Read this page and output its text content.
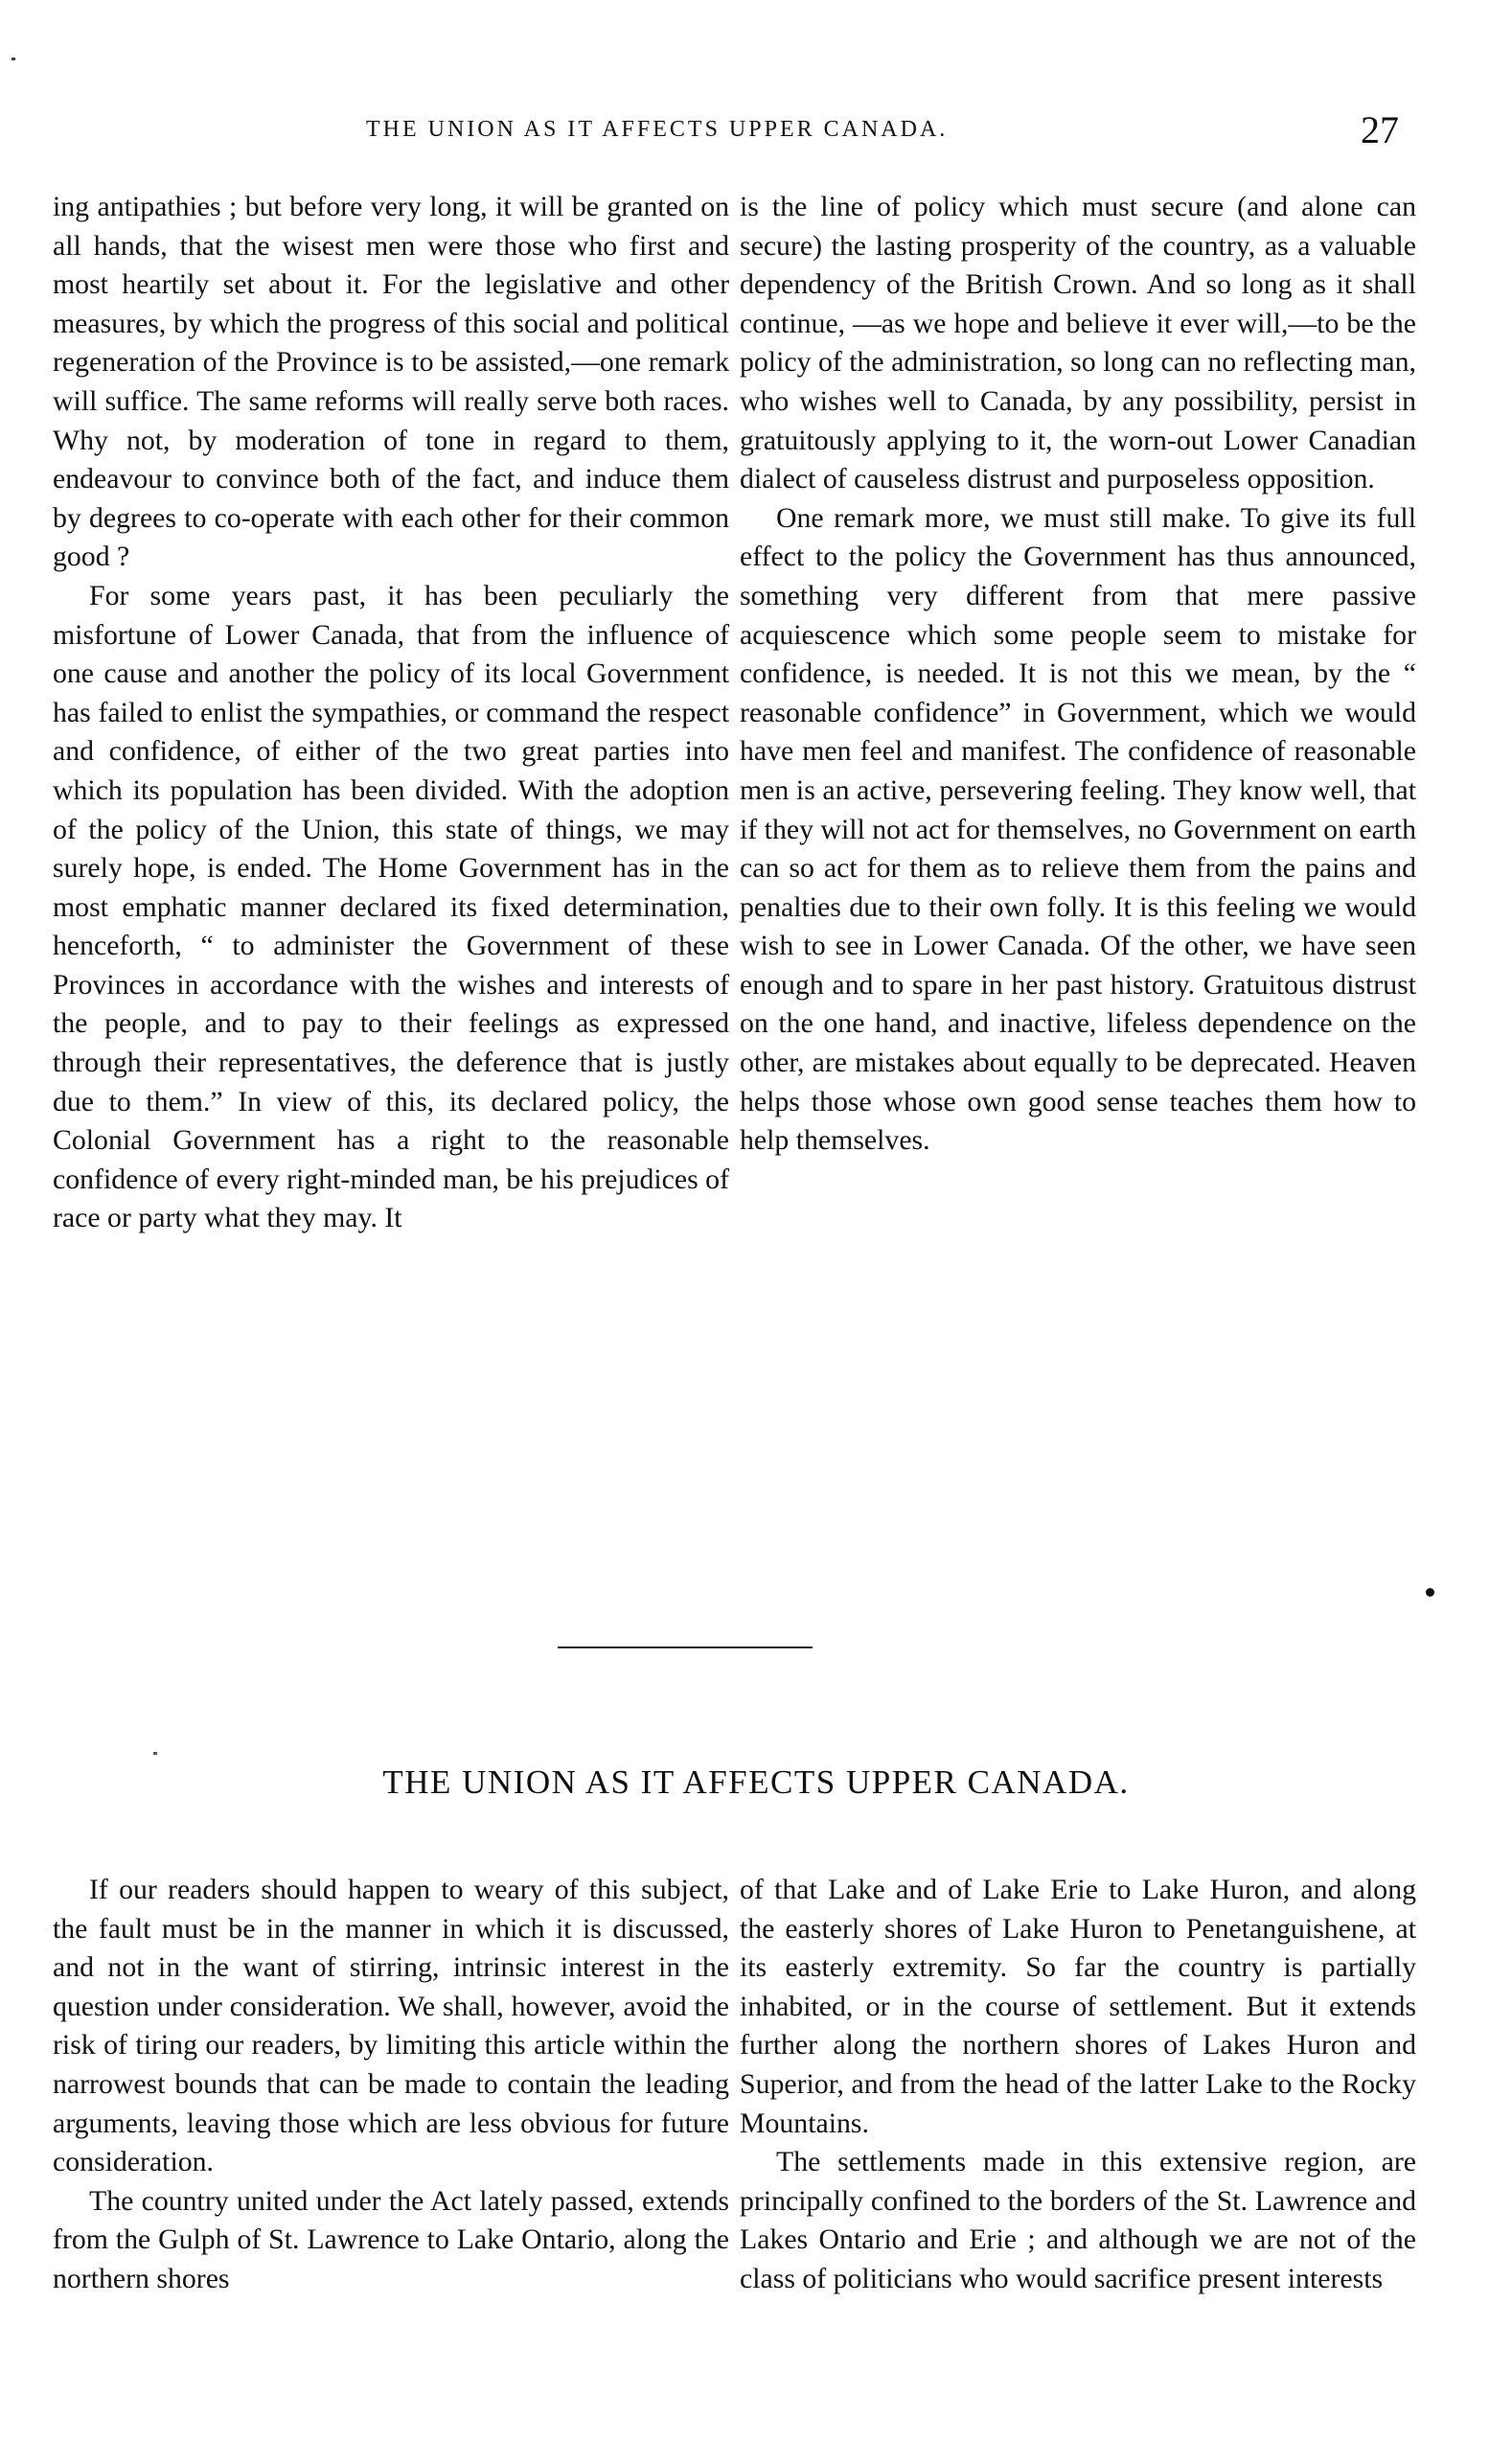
THE UNION AS IT AFFECTS UPPER CANADA.	27

ing antipathies ; but before very long, it will be granted on all hands, that the wisest men were those who first and most heartily set about it. For the legislative and other measures, by which the progress of this social and political regeneration of the Province is to be assisted,—one remark will suffice. The same reforms will really serve both races. Why not, by moderation of tone in regard to them, endeavour to convince both of the fact, and induce them by degrees to co-operate with each other for their common good ?

For some years past, it has been peculiarly the misfortune of Lower Canada, that from the influence of one cause and another the policy of its local Government has failed to enlist the sympathies, or command the respect and confidence, of either of the two great parties into which its population has been divided. With the adoption of the policy of the Union, this state of things, we may surely hope, is ended. The Home Government has in the most emphatic manner declared its fixed determination, henceforth, “ to administer the Government of these Provinces in accordance with the wishes and interests of the people, and to pay to their feelings as expressed through their representatives, the deference that is justly due to them.” In view of this, its declared policy, the Colonial Government has a right to the reasonable confidence of every right-minded man, be his prejudices of race or party what they may. It

is the line of policy which must secure (and alone can secure) the lasting prosperity of the country, as a valuable dependency of the British Crown. And so long as it shall continue, —as we hope and believe it ever will,—to be the policy of the administration, so long can no reflecting man, who wishes well to Canada, by any possibility, persist in gratuitously applying to it, the worn-out Lower Canadian dialect of causeless distrust and purposeless opposition.

One remark more, we must still make. To give its full effect to the policy the Government has thus announced, something very different from that mere passive acquiescence which some people seem to mistake for confidence, is needed. It is not this we mean, by the “ reasonable confidence” in Government, which we would have men feel and manifest. The confidence of reasonable men is an active, persevering feeling. They know well, that if they will not act for themselves, no Government on earth can so act for them as to relieve them from the pains and penalties due to their own folly. It is this feeling we would wish to see in Lower Canada. Of the other, we have seen enough and to spare in her past history. Gratuitous distrust on the one hand, and inactive, lifeless dependence on the other, are mistakes about equally to be deprecated. Heaven helps those whose own good sense teaches them how to help themselves.

THE UNION AS IT AFFECTS UPPER CANADA.

If our readers should happen to weary of this subject, the fault must be in the manner in which it is discussed, and not in the want of stirring, intrinsic interest in the question under consideration. We shall, however, avoid the risk of tiring our readers, by limiting this article within the narrowest bounds that can be made to contain the leading arguments, leaving those which are less obvious for future consideration.

The country united under the Act lately passed, extends from the Gulph of St. Lawrence to Lake Ontario, along the northern shores

of that Lake and of Lake Erie to Lake Huron, and along the easterly shores of Lake Huron to Penetanguishene, at its easterly extremity. So far the country is partially inhabited, or in the course of settlement. But it extends further along the northern shores of Lakes Huron and Superior, and from the head of the latter Lake to the Rocky Mountains.

The settlements made in this extensive region, are principally confined to the borders of the St. Lawrence and Lakes Ontario and Erie ; and although we are not of the class of politicians who would sacrifice present interests
